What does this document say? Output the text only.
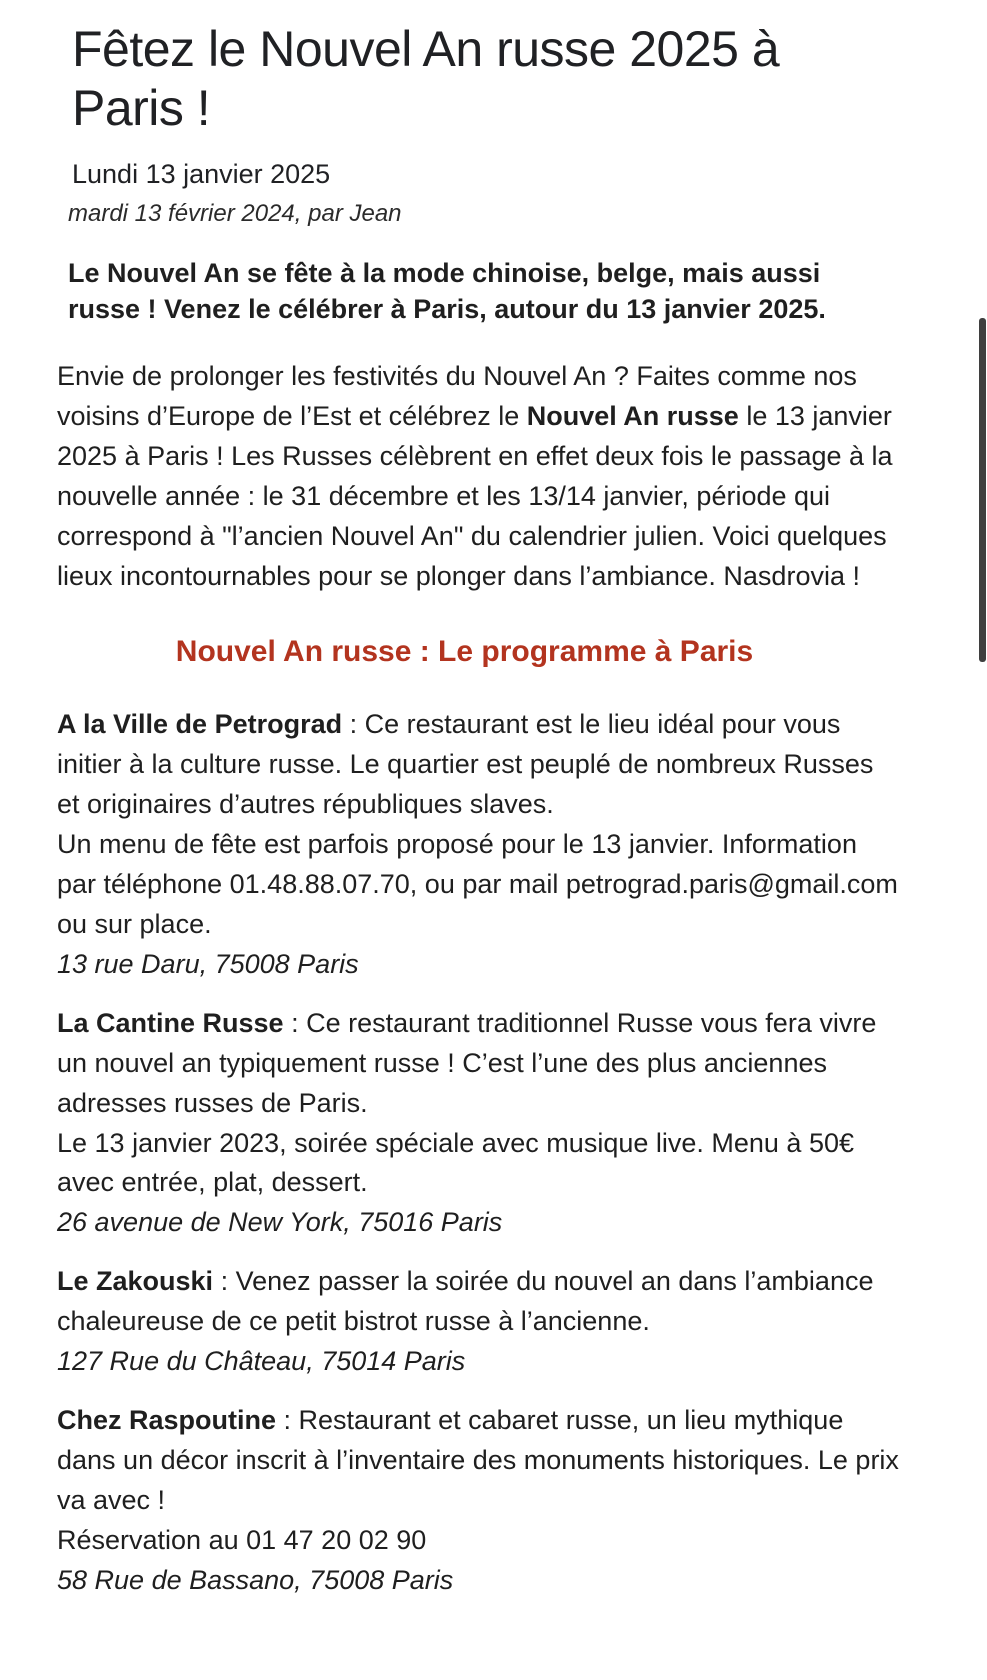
Fêtez le Nouvel An russe 2025 à Paris !
Lundi 13 janvier 2025
mardi 13 février 2024, par Jean

Le Nouvel An se fête à la mode chinoise, belge, mais aussi russe ! Venez le célébrer à Paris, autour du 13 janvier 2025.

Envie de prolonger les festivités du Nouvel An ? Faites comme nos voisins d’Europe de l’Est et célébrez le Nouvel An russe le 13 janvier 2025 à Paris ! Les Russes célèbrent en effet deux fois le passage à la nouvelle année : le 31 décembre et les 13/14 janvier, période qui correspond à "l’ancien Nouvel An" du calendrier julien. Voici quelques lieux incontournables pour se plonger dans l’ambiance. Nasdrovia !

Nouvel An russe : Le programme à Paris

A la Ville de Petrograd : Ce restaurant est le lieu idéal pour vous initier à la culture russe. Le quartier est peuplé de nombreux Russes et originaires d’autres républiques slaves.

Un menu de fête est parfois proposé pour le 13 janvier. Information par téléphone 01.48.88.07.70, ou par mail petrograd.paris@gmail.com ou sur place.

13 rue Daru, 75008 Paris

La Cantine Russe : Ce restaurant traditionnel Russe vous fera vivre un nouvel an typiquement russe ! C’est l’une des plus anciennes adresses russes de Paris.

Le 13 janvier 2023, soirée spéciale avec musique live. Menu à 50€ avec entrée, plat, dessert.

26 avenue de New York, 75016 Paris

Le Zakouski : Venez passer la soirée du nouvel an dans l’ambiance chaleureuse de ce petit bistrot russe à l’ancienne.

127 Rue du Château, 75014 Paris

Chez Raspoutine : Restaurant et cabaret russe, un lieu mythique dans un décor inscrit à l’inventaire des monuments historiques. Le prix va avec !

Réservation au 01 47 20 02 90

58 Rue de Bassano, 75008 Paris
